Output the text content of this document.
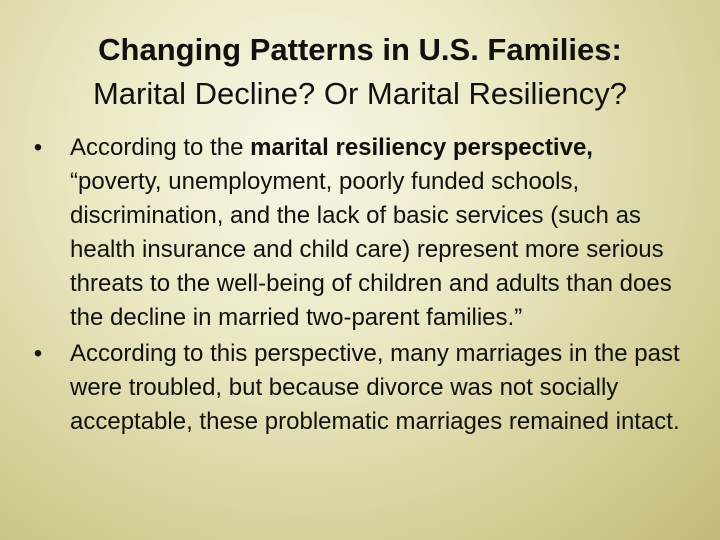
Changing Patterns in U.S. Families:
Marital Decline? Or Marital Resiliency?
• According to the marital resiliency perspective, “poverty, unemployment, poorly funded schools, discrimination, and the lack of basic services (such as health insurance and child care) represent more serious threats to the well-being of children and adults than does the decline in married two-parent families.”
• According to this perspective, many marriages in the past were troubled, but because divorce was not socially acceptable, these problematic marriages remained intact.
